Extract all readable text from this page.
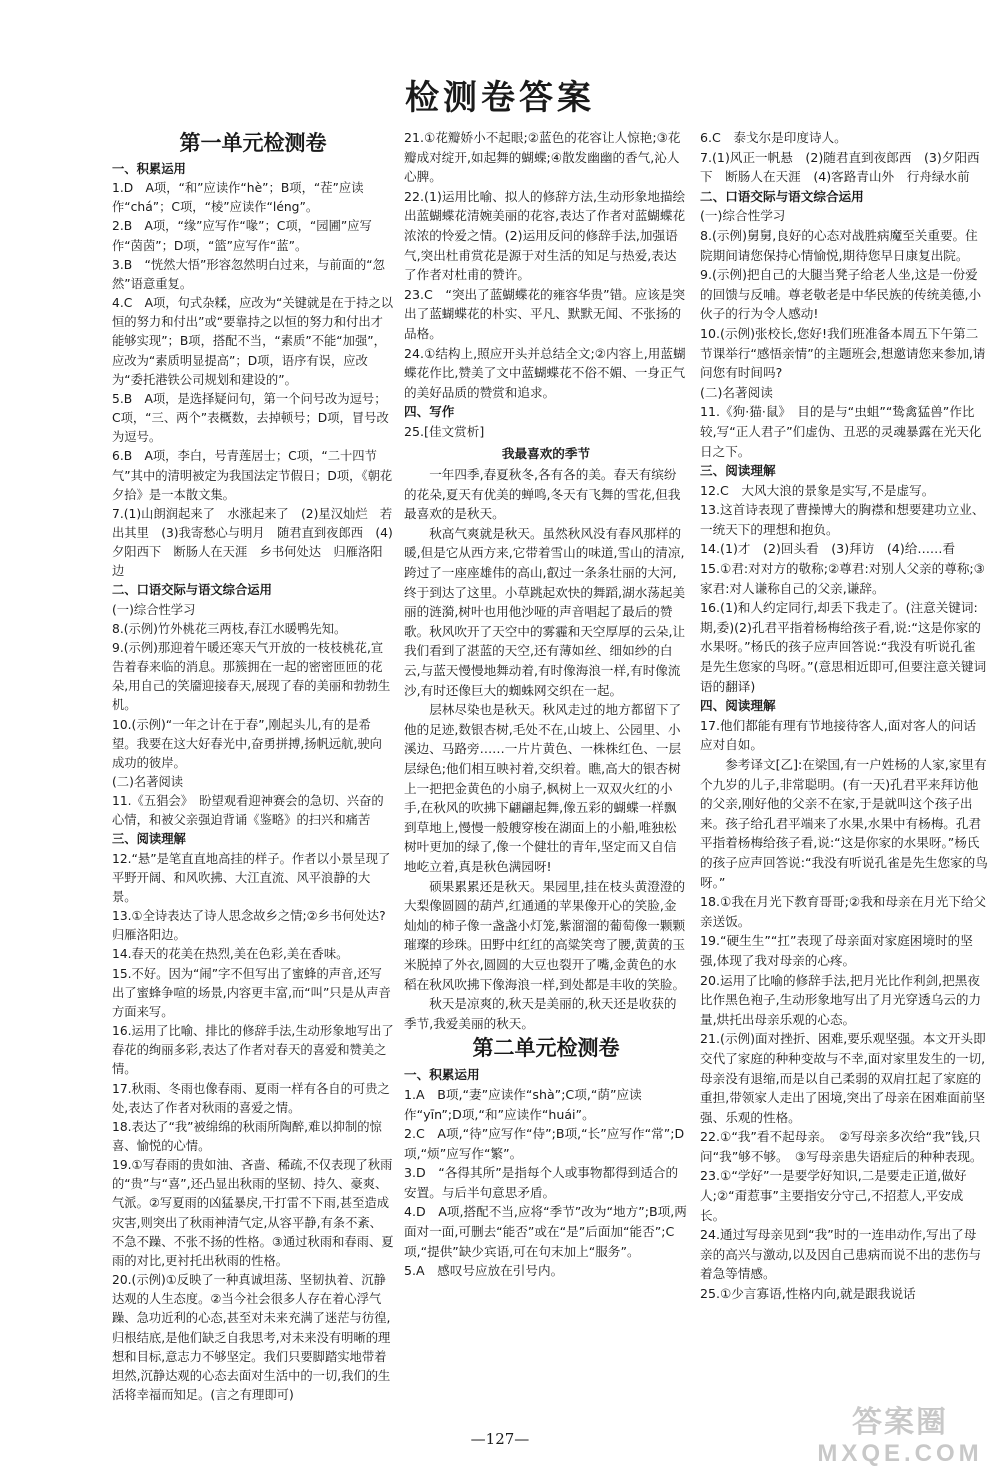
检测卷答案
第一单元检测卷
一、积累运用
1.D　A项，“和”应读作“hè”；B项，“茬”应读作“chá”；C项，“棱”应读作“léng”。
2.B　A项，“缘”应写作“喙”；C项，“园圃”应写作“茵茵”；D项，“篮”应写作“蓝”。
3.B　“恍然大悟”形容忽然明白过来，与前面的“忽然”语意重复。
4.C　A项，句式杂糅，应改为“关键就是在于持之以恒的努力和付出”或“要靠持之以恒的努力和付出才能够实现”；B项，搭配不当，“素质”不能“加强”，应改为“素质明显提高”；D项，语序有误，应改为“委托港铁公司规划和建设的”。
5.B　A项，是选择疑问句，第一个问号改为逗号；C项，“三、两个”表概数，去掉顿号；D项，冒号改为逗号。
6.B　A项，李白，号青莲居士；C项，“二十四节气”其中的清明被定为我国法定节假日；D项，《朝花夕拾》是一本散文集。
7.(1)山朗润起来了　水涨起来了　(2)星汉灿烂　若出其里　(3)我寄愁心与明月　随君直到夜郎西　(4)夕阳西下　断肠人在天涯　乡书何处达　归雁洛阳边
二、口语交际与语文综合运用
(一)综合性学习
8.(示例)竹外桃花三两枝,春江水暖鸭先知。
9.(示例)那迎着午暖还寒天气开放的一枝枝桃花,宣告着春来临的消息。那簇拥在一起的密密匝匝的花朵,用自己的笑靥迎接春天,展现了春的美丽和勃勃生机。
10.(示例)“一年之计在于春”,刚起头儿,有的是希望。我要在这大好春光中,奋勇拼搏,扬帆远航,驶向成功的彼岸。
(二)名著阅读
11.《五猖会》　盼望观看迎神赛会的急切、兴奋的心情，和被父亲强迫背诵《鉴略》的扫兴和痛苦
三、阅读理解
12.“悬”是笔直直地高挂的样子。作者以小景呈现了平野开阔、和风吹拂、大江直流、风平浪静的大景。
13.①全诗表达了诗人思念故乡之情;②乡书何处达?　归雁洛阳边。
14.春天的花美在热烈,美在色彩,美在香味。
15.不好。因为“闹”字不但写出了蜜蜂的声音,还写出了蜜蜂争喧的场景,内容更丰富,而“叫”只是从声音方面来写。
16.运用了比喻、排比的修辞手法,生动形象地写出了春花的绚丽多彩,表达了作者对春天的喜爱和赞美之情。
17.秋雨、冬雨也像春雨、夏雨一样有各自的可贵之处,表达了作者对秋雨的喜爱之情。
18.表达了“我”被绵绵的秋雨所陶醉,难以抑制的惊喜、愉悦的心情。
19.①写春雨的贵如油、吝啬、稀疏,不仅表现了秋雨的“贵”与“喜”,还凸显出秋雨的坚韧、持久、豪爽、气派。②写夏雨的凶猛暴戾,干打雷不下雨,甚至造成灾害,则突出了秋雨神清气定,从容平静,有条不紊、不急不躁、不张不扬的性格。③通过秋雨和春雨、夏雨的对比,更衬托出秋雨的性格。
20.(示例)①反映了一种真诚坦荡、坚韧执着、沉静达观的人生态度。②当今社会很多人存在着心浮气躁、急功近利的心态,甚至对未来充满了迷茫与彷徨,归根结底,是他们缺乏自我思考,对未来没有明晰的理想和目标,意志力不够坚定。我们只要脚踏实地带着坦然,沉静达观的心态去面对生活中的一切,我们的生活将幸福而知足。(言之有理即可)
21.①花瓣娇小不起眼;②蓝色的花容让人惊艳;③花瓣成对绽开,如起舞的蝴蝶;④散发幽幽的香气,沁人心脾。
22.(1)运用比喻、拟人的修辞方法,生动形象地描绘出蓝蝴蝶花清婉美丽的花容,表达了作者对蓝蝴蝶花浓浓的怜爱之情。(2)运用反问的修辞手法,加强语气,突出杜甫赏花是源于对生活的知足与热爱,表达了作者对杜甫的赞许。
23.C　“突出了蓝蝴蝶花的雍容华贵”错。应该是突出了蓝蝴蝶花的朴实、平凡、默默无闻、不张扬的品格。
24.①结构上,照应开头并总结全文;②内容上,用蓝蝴蝶花作比,赞美了文中蓝蝴蝶花不俗不媚、一身正气的美好品质的赞赏和追求。
四、写作
25.[佳文赏析]
我最喜欢的季节
一年四季,春夏秋冬,各有各的美。春天有缤纷的花朵,夏天有优美的蝉鸣,冬天有飞舞的雪花,但我最喜欢的是秋天。
秋高气爽就是秋天。虽然秋风没有春风那样的暖,但是它从西方来,它带着雪山的味道,雪山的清凉,跨过了一座座雄伟的高山,叡过一条条壮丽的大河,终于到达了这里。小草跳起欢快的舞蹈,湖水荡起美丽的涟漪,树叶也用他沙哑的声音唱起了最后的赞歌。秋风吹开了天空中的雾霾和天空厚厚的云朵,让我们看到了湛蓝的天空,还有薄如丝、细如纱的白云,与蓝天慢慢地舞动着,有时像海浪一样,有时像流沙,有时还像巨大的蜘蛛网交织在一起。
层林尽染也是秋天。秋风走过的地方都留下了他的足迹,数银杏树,毛处不在,山坡上、公园里、小溪边、马路旁……一片片黄色、一株株红色、一层层绿色;他们相互映衬着,交织着。瞧,高大的银杏树上一把把金黄色的小扇子,枫树上一双双火红的小手,在秋风的吹拂下翩翩起舞,像五彩的蝴蝶一样飘到草地上,慢慢一般艘穿梭在湖面上的小船,唯独松树叶更加的绿了,像一个健壮的青年,坚定而又自信地屹立着,真是秋色满园呀!
硕果累累还是秋天。果园里,挂在枝头黄澄澄的大梨像圆圆的葫芦,红通通的苹果像开心的笑脸,金灿灿的柿子像一盏盏小灯笼,紫溜溜的葡萄像一颗颗璀璨的珍珠。田野中红红的高粱笑弯了腰,黄黄的玉米脱掉了外衣,圆圆的大豆也裂开了嘴,金黄色的水稻在秋风吹拂下像海浪一样,到处都是丰收的笑脸。
秋天是凉爽的,秋天是美丽的,秋天还是收获的季节,我爱美丽的秋天。
第二单元检测卷
一、积累运用
1.A　B项,“妻”应读作“shà”;C项,“荫”应读作“yīn”;D项,“和”应读作“huái”。
2.C　A项,“待”应写作“侍”;B项,“长”应写作“常”;D项,“烦”应写作“繁”。
3.D　“各得其所”是指每个人或事物都得到适合的安置。与后半句意思矛盾。
4.D　A项,搭配不当,应将“季节”改为“地方”;B项,两面对一面,可删去“能否”或在“是”后面加“能否”;C项,“提供”缺少宾语,可在句末加上“服务”。
5.A　感叹号应放在引号内。
6.C　泰戈尔是印度诗人。
7.(1)风正一帆悬　(2)随君直到夜郎西　(3)夕阳西下　断肠人在天涯　(4)客路青山外　行舟绿水前
二、口语交际与语文综合运用
(一)综合性学习
8.(示例)舅舅,良好的心态对战胜病魔至关重要。住院期间请您保持心情愉悦,期待您早日康复出院。
9.(示例)把自己的大腿当凳子给老人坐,这是一份爱的回馈与反哺。尊老敬老是中华民族的传统美德,小伙子的行为令人感动!
10.(示例)张校长,您好!我们班准备本周五下午第二节课举行“感悟亲情”的主题班会,想邀请您来参加,请问您有时间吗?
(二)名著阅读
11.《狗·猫·鼠》　目的是与“虫蛆”“鸷禽猛兽”作比较,写“正人君子”们虚伪、丑恶的灵魂暴露在光天化日之下。
三、阅读理解
12.C　大风大浪的景象是实写,不是虚写。
13.这首诗表现了曹操博大的胸襟和想要建功立业、一统天下的理想和抱负。
14.(1)才　(2)回头看　(3)拜访　(4)给……看
15.①君:对对方的敬称;②尊君:对别人父亲的尊称;③家君:对人谦称自己的父亲,谦辞。
16.(1)和人约定同行,却丢下我走了。(注意关键词:期,委)(2)孔君平指着杨梅给孩子看,说:“这是你家的水果呀。”杨氏的孩子应声回答说:“我没有听说孔雀是先生您家的鸟呀。”(意思相近即可,但要注意关键词语的翻译)
四、阅读理解
17.他们都能有理有节地接待客人,面对客人的问话应对自如。
参考译文[乙]:在梁国,有一户姓杨的人家,家里有个九岁的儿子,非常聪明。(有一天)孔君平来拜访他的父亲,刚好他的父亲不在家,于是就叫这个孩子出来。孩子给孔君平端来了水果,水果中有杨梅。孔君平指着杨梅给孩子看,说:“这是你家的水果呀。”杨氏的孩子应声回答说:“我没有听说孔雀是先生您家的鸟呀。”
18.①我在月光下教育哥哥;②我和母亲在月光下给父亲送饭。
19.“硬生生”“扛”表现了母亲面对家庭困境时的坚强,体现了我对母亲的心疼。
20.运用了比喻的修辞手法,把月光比作利剑,把黑夜比作黑色袍子,生动形象地写出了月光穿透乌云的力量,烘托出母亲乐观的心态。
21.(示例)面对挫折、困难,要乐观坚强。本文开头即交代了家庭的种种变故与不幸,面对家里发生的一切,母亲没有退缩,而是以自己柔弱的双肩扛起了家庭的重担,带领家人走出了困境,突出了母亲在困难面前坚强、乐观的性格。
22.①“我”看不起母亲。　②写母亲多次给“我”钱,只问“我”够不够。　③写母亲患失语症后的种种表现。
23.①“学好”一是要学好知识,二是要走正道,做好人;②“甭惹事”主要指安分守己,不招惹人,平安成长。
24.通过写母亲见到“我”时的一连串动作,写出了母亲的高兴与激动,以及因自己患病而说不出的悲伤与着急等情感。
25.①少言寡语,性格内向,就是跟我说话
—127—	答案圈
MXQE.COM
